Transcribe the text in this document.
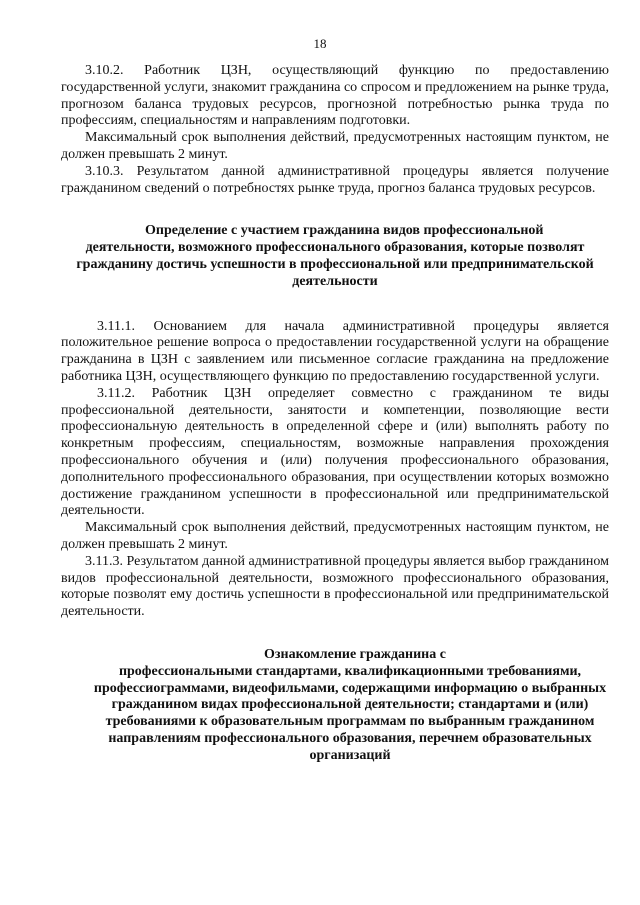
18

3.10.2. Работник ЦЗН, осуществляющий функцию по предоставлению государственной услуги, знакомит гражданина со спросом и предложением на рынке труда, прогнозом баланса трудовых ресурсов, прогнозной потребностью рынка труда по профессиям, специальностям и направлениям подготовки.

Максимальный срок выполнения действий, предусмотренных настоящим пунктом, не должен превышать 2 минут.

3.10.3. Результатом данной административной процедуры является получение гражданином сведений о потребностях рынке труда, прогноз баланса трудовых ресурсов.

Определение с участием гражданина видов профессиональной

деятельности, возможного профессионального образования, которые позволят гражданину достичь успешности в профессиональной или предпринимательской деятельности

3.11.1. Основанием для начала административной процедуры является положительное решение вопроса о предоставлении государственной услуги на обращение гражданина в ЦЗН с заявлением или письменное согласие гражданина на предложение работника ЦЗН, осуществляющего функцию по предоставлению государственной услуги.

3.11.2. Работник ЦЗН определяет совместно с гражданином те виды профессиональной деятельности, занятости и компетенции, позволяющие вести профессиональную деятельность в определенной сфере и (или) выполнять работу по конкретным профессиям, специальностям, возможные направления прохождения профессионального обучения и (или) получения профессионального образования, дополнительного профессионального образования, при осуществлении которых возможно достижение гражданином успешности в профессиональной или предпринимательской деятельности.

Максимальный срок выполнения действий, предусмотренных настоящим пунктом, не должен превышать 2 минут.

3.11.3. Результатом данной административной процедуры является выбор гражданином видов профессиональной деятельности, возможного профессионального образования, которые позволят ему достичь успешности в профессиональной или предпринимательской деятельности.

Ознакомление гражданина с

профессиональными стандартами, квалификационными требованиями, профессиограммами, видеофильмами, содержащими информацию о выбранных гражданином видах профессиональной деятельности; стандартами и (или) требованиями к образовательным программам по выбранным гражданином направлениям профессионального образования, перечнем образовательных организаций
